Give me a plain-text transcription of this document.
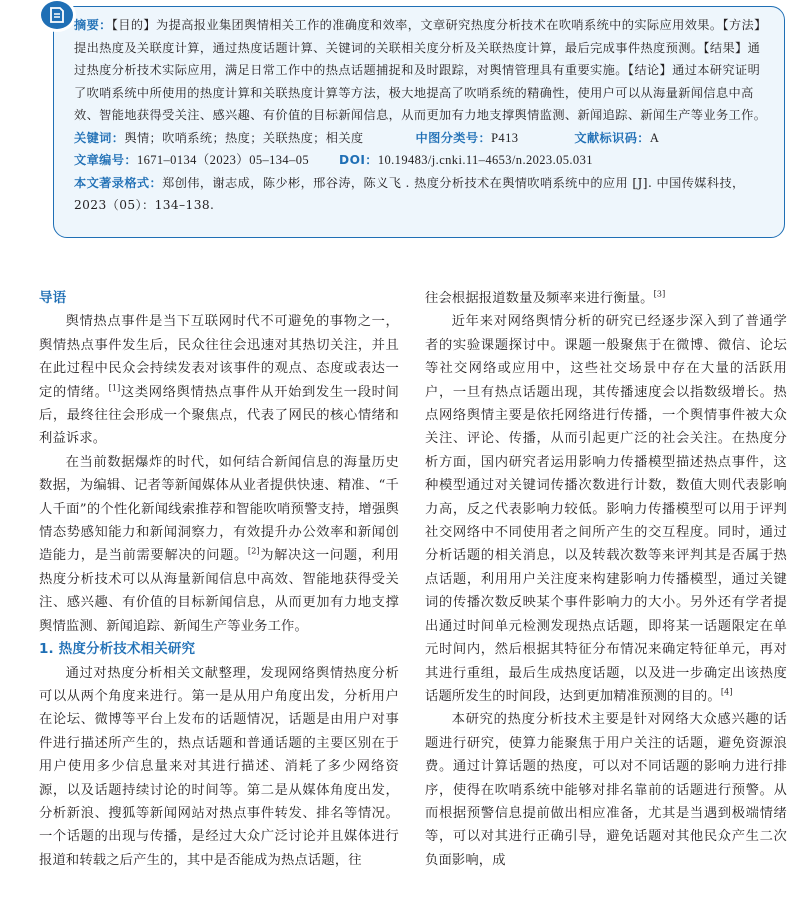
摘要：【目的】为提高报业集团舆情相关工作的准确度和效率，文章研究热度分析技术在吹哨系统中的实际应用效果。【方法】提出热度及关联度计算，通过热度话题计算、关键词的关联相关度分析及关联热度计算，最后完成事件热度预测。【结果】通过热度分析技术实际应用，满足日常工作中的热点话题捕捉和及时跟踪，对舆情管理具有重要实施。【结论】通过本研究证明了吹哨系统中所使用的热度计算和关联热度计算等方法，极大地提高了吹哨系统的精确性，使用户可以从海量新闻信息中高效、智能地获得受关注、感兴趣、有价值的目标新闻信息，从而更加有力地支撑舆情监测、新闻追踪、新闻生产等业务工作。

关键词：舆情；吹哨系统；热度；关联热度；相关度	中图分类号：P413	文献标识码：A
文章编号：1671–0134（2023）05–134–05 DOI：10.19483/j.cnki.11–4653/n.2023.05.031

本文著录格式：郑创伟，谢志成，陈少彬，邢谷涛，陈义飞 . 热度分析技术在舆情吹哨系统中的应用 [J]. 中国传媒科技，2023（05）：134–138.

导语

舆情热点事件是当下互联网时代不可避免的事物之一，舆情热点事件发生后，民众往往会迅速对其热切关注，并且在此过程中民众会持续发表对该事件的观点、态度或表达一定的情绪。[1]这类网络舆情热点事件从开始到发生一段时间后，最终往往会形成一个聚焦点，代表了网民的核心情绪和利益诉求。

在当前数据爆炸的时代，如何结合新闻信息的海量历史数据，为编辑、记者等新闻媒体从业者提供快速、精准、“千人千面”的个性化新闻线索推荐和智能吹哨预警支持，增强舆情态势感知能力和新闻洞察力，有效提升办公效率和新闻创造能力，是当前需要解决的问题。[2]为解决这一问题，利用热度分析技术可以从海量新闻信息中高效、智能地获得受关注、感兴趣、有价值的目标新闻信息，从而更加有力地支撑舆情监测、新闻追踪、新闻生产等业务工作。

1. 热度分析技术相关研究

通过对热度分析相关文献整理，发现网络舆情热度分析可以从两个角度来进行。第一是从用户角度出发，分析用户在论坛、微博等平台上发布的话题情况，话题是由用户对事件进行描述所产生的，热点话题和普通话题的主要区别在于用户使用多少信息量来对其进行描述、消耗了多少网络资源，以及话题持续讨论的时间等。第二是从媒体角度出发，分析新浪、搜狐等新闻网站对热点事件转发、排名等情况。一个话题的出现与传播，是经过大众广泛讨论并且媒体进行报道和转载之后产生的，其中是否能成为热点话题，往

往会根据报道数量及频率来进行衡量。[3]

近年来对网络舆情分析的研究已经逐步深入到了普通学者的实验课题探讨中。课题一般聚焦于在微博、微信、论坛等社交网络或应用中，这些社交场景中存在大量的活跃用户，一旦有热点话题出现，其传播速度会以指数级增长。热点网络舆情主要是依托网络进行传播，一个舆情事件被大众关注、评论、传播，从而引起更广泛的社会关注。在热度分析方面，国内研究者运用影响力传播模型描述热点事件，这种模型通过对关键词传播次数进行计数，数值大则代表影响力高，反之代表影响力较低。影响力传播模型可以用于评判社交网络中不同使用者之间所产生的交互程度。同时，通过分析话题的相关消息，以及转载次数等来评判其是否属于热点话题，利用用户关注度来构建影响力传播模型，通过关键词的传播次数反映某个事件影响力的大小。另外还有学者提出通过时间单元检测发现热点话题，即将某一话题限定在单元时间内，然后根据其特征分布情况来确定特征单元，再对其进行重组，最后生成热度话题，以及进一步确定出该热度话题所发生的时间段，达到更加精准预测的目的。[4]

本研究的热度分析技术主要是针对网络大众感兴趣的话题进行研究，使算力能聚焦于用户关注的话题，避免资源浪费。通过计算话题的热度，可以对不同话题的影响力进行排序，使得在吹哨系统中能够对排名靠前的话题进行预警。从而根据预警信息提前做出相应准备，尤其是当遇到极端情绪等，可以对其进行正确引导，避免话题对其他民众产生二次负面影响，成
